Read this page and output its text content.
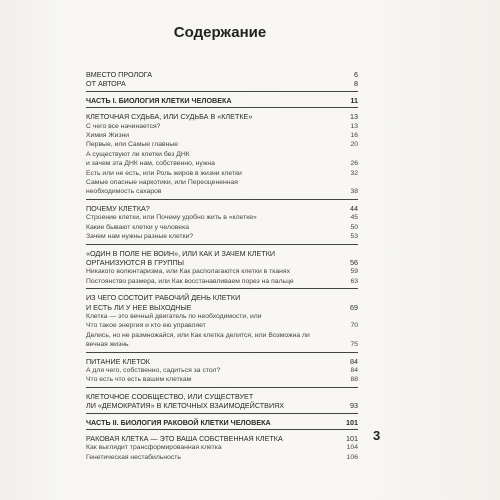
Содержание
ВМЕСТО ПРОЛОГА	6
ОТ АВТОРА	8
ЧАСТЬ I. БИОЛОГИЯ КЛЕТКИ ЧЕЛОВЕКА	11
КЛЕТОЧНАЯ СУДЬБА, ИЛИ СУДЬБА В «КЛЕТКЕ»	13
С чего все начинается?	13
Химия Жизни	16
Первые, или Самые главные	20
А существуют ли клетки без ДНК
и зачем эта ДНК нам, собственно, нужна	26
Есть или не есть, или Роль жиров в жизни клетки	32
Самые опасные наркотики, или Переоцененная
необходимость сахаров	38
ПОЧЕМУ КЛЕТКА?	44
Строение клетки, или Почему удобно жить в «клетке»	45
Какие бывают клетки у человека	50
Зачем нам нужны разные клетки?	53
«ОДИН В ПОЛЕ НЕ ВОИН», ИЛИ КАК И ЗАЧЕМ КЛЕТКИ
ОРГАНИЗУЮТСЯ В ГРУППЫ	56
Никакого волюнтаризма, или Как располагаются клетки в тканях	59
Постоянство размера, или Как восстанавливаем порез на пальце	63
ИЗ ЧЕГО СОСТОИТ РАБОЧИЙ ДЕНЬ КЛЕТКИ
И ЕСТЬ ЛИ У НЕЕ ВЫХОДНЫЕ	69
Клетка — это вечный двигатель по необходимости, или
Что такое энергия и кто ею управляет	70
Делись, но не размножайся, или Как клетка делится, или Возможна ли
вечная жизнь	75
ПИТАНИЕ КЛЕТОК	84
А для чего, собственно, садиться за стол?	84
Что есть что есть вашим клеткам	88
КЛЕТОЧНОЕ СООБЩЕСТВО, ИЛИ СУЩЕСТВУЕТ
ЛИ «ДЕМОКРАТИЯ» В КЛЕТОЧНЫХ ВЗАИМОДЕЙСТВИЯХ	93
ЧАСТЬ II. БИОЛОГИЯ РАКОВОЙ КЛЕТКИ ЧЕЛОВЕКА	101
РАКОВАЯ КЛЕТКА — ЭТО ВАША СОБСТВЕННАЯ КЛЕТКА	101
Как выглядит трансформированная клетка	104
Генетическая нестабильность	106
3
